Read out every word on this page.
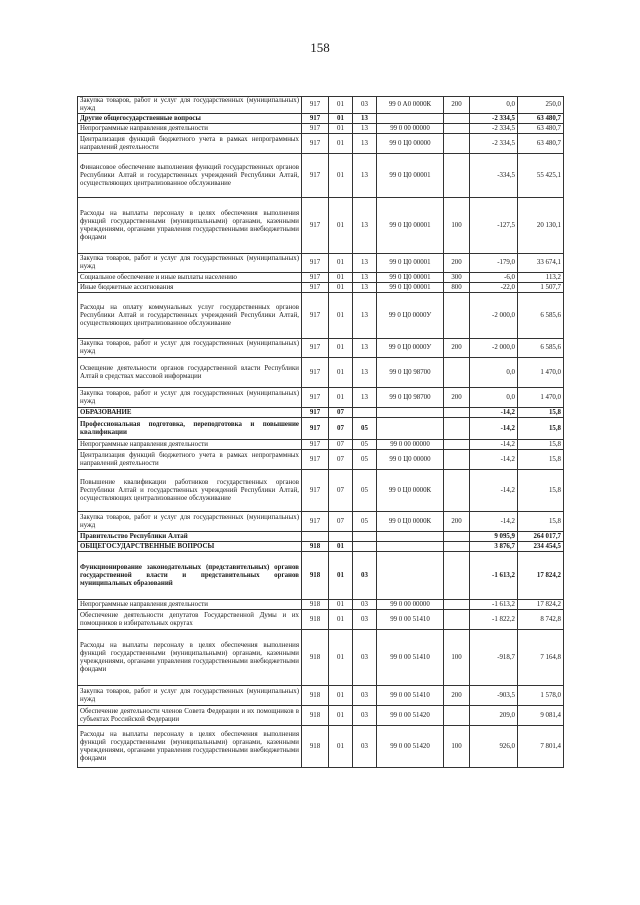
158
Закупка товаров, работ и услуг для государственных (муниципальных) нужд	917	01	03	99 0 А0 0000К	200	0,0	250,0
Другие общегосударственные вопросы	917	01	13			-2 334,5	63 480,7
Непрограммные направления деятельности	917	01	13	99 0 00 00000		-2 334,5	63 480,7
Централизация функций бюджетного учета в рамках непрограммных направлений деятельности	917	01	13	99 0 Ц0 00000		-2 334,5	63 480,7
Финансовое обеспечение выполнения функций государственных органов Республики Алтай и государственных учреждений Республики Алтай, осуществляющих централизованное обслуживание	917	01	13	99 0 Ц0 00001		-334,5	55 425,1
Расходы на выплаты персоналу в целях обеспечения выполнения функций государственными (муниципальными) органами, казенными учреждениями, органами управления государственными внебюджетными фондами	917	01	13	99 0 Ц0 00001	100	-127,5	20 130,1
Закупка товаров, работ и услуг для государственных (муниципальных) нужд	917	01	13	99 0 Ц0 00001	200	-179,0	33 674,1
Социальное обеспечение и иные выплаты населению	917	01	13	99 0 Ц0 00001	300	-6,0	113,2
Иные бюджетные ассигнования	917	01	13	99 0 Ц0 00001	800	-22,0	1 507,7
Расходы на оплату коммунальных услуг государственных органов Республики Алтай и государственных учреждений Республики Алтай, осуществляющих централизованное обслуживание	917	01	13	99 0 Ц0 0000У		-2 000,0	6 585,6
Закупка товаров, работ и услуг для государственных (муниципальных) нужд	917	01	13	99 0 Ц0 0000У	200	-2 000,0	6 585,6
Освещение деятельности органов государственной власти Республики Алтай в средствах массовой информации	917	01	13	99 0 Ц0 98700		0,0	1 470,0
Закупка товаров, работ и услуг для государственных (муниципальных) нужд	917	01	13	99 0 Ц0 98700	200	0,0	1 470,0
ОБРАЗОВАНИЕ	917	07				-14,2	15,8
Профессиональная подготовка, переподготовка и повышение квалификации	917	07	05			-14,2	15,8
Непрограммные направления деятельности	917	07	05	99 0 00 00000		-14,2	15,8
Централизация функций бюджетного учета в рамках непрограммных направлений деятельности	917	07	05	99 0 Ц0 00000		-14,2	15,8
Повышение квалификации работников государственных органов Республики Алтай и государственных учреждений Республики Алтай, осуществляющих централизованное обслуживание	917	07	05	99 0 Ц0 0000К		-14,2	15,8
Закупка товаров, работ и услуг для государственных (муниципальных) нужд	917	07	05	99 0 Ц0 0000К	200	-14,2	15,8
Правительство Республики Алтай						9 095,9	264 017,7
ОБЩЕГОСУДАРСТВЕННЫЕ ВОПРОСЫ	918	01				3 876,7	234 454,5
Функционирование законодательных (представительных) органов государственной власти и представительных органов муниципальных образований	918	01	03			-1 613,2	17 824,2
Непрограммные направления деятельности	918	01	03	99 0 00 00000		-1 613,2	17 824,2
Обеспечение деятельности депутатов Государственной Думы и их помощников в избирательных округах	918	01	03	99 0 00 51410		-1 822,2	8 742,8
Расходы на выплаты персоналу в целях обеспечения выполнения функций государственными (муниципальными) органами, казенными учреждениями, органами управления государственными внебюджетными фондами	918	01	03	99 0 00 51410	100	-918,7	7 164,8
Закупка товаров, работ и услуг для государственных (муниципальных) нужд	918	01	03	99 0 00 51410	200	-903,5	1 578,0
Обеспечение деятельности членов Совета Федерации и их помощников в субъектах Российской Федерации	918	01	03	99 0 00 51420		209,0	9 081,4
Расходы на выплаты персоналу в целях обеспечения выполнения функций государственными (муниципальными) органами, казенными учреждениями, органами управления государственными внебюджетными фондами	918	01	03	99 0 00 51420	100	926,0	7 801,4
